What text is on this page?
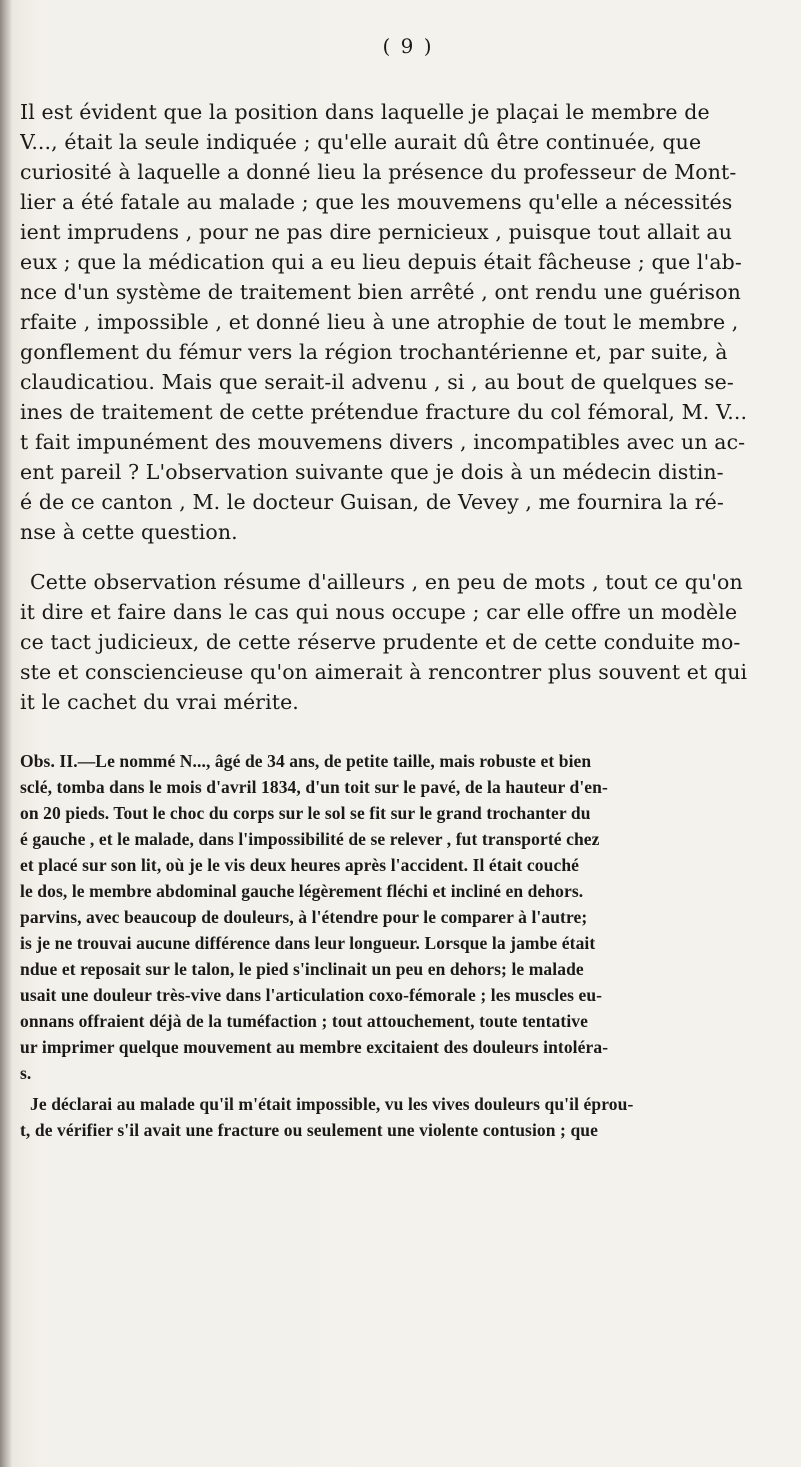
( 9 )
Il est évident que la position dans laquelle je plaçai le membre de
V..., était la seule indiquée ; qu'elle aurait dû être continuée, que
curiosité à laquelle a donné lieu la présence du professeur de Mont-
lier a été fatale au malade ; que les mouvemens qu'elle a nécessités
ient imprudens , pour ne pas dire pernicieux , puisque tout allait au
eux ; que la médication qui a eu lieu depuis était fâcheuse ; que l'ab-
nce d'un système de traitement bien arrêté , ont rendu une guérison
rfaite , impossible , et donné lieu à une atrophie de tout le membre ,
gonflement du fémur vers la région trochantérienne et, par suite, à
claudicatiou. Mais que serait-il advenu , si , au bout de quelques se-
ines de traitement de cette prétendue fracture du col fémoral, M. V...
t fait impunément des mouvemens divers , incompatibles avec un ac-
ent pareil ? L'observation suivante que je dois à un médecin distin-
é de ce canton , M. le docteur Guisan, de Vevey , me fournira la ré-
nse à cette question.
Cette observation résume d'ailleurs , en peu de mots , tout ce qu'on
it dire et faire dans le cas qui nous occupe ; car elle offre un modèle
ce tact judicieux, de cette réserve prudente et de cette conduite mo-
ste et consciencieuse qu'on aimerait à rencontrer plus souvent et qui
it le cachet du vrai mérite.
Obs. II.—Le nommé N..., âgé de 34 ans, de petite taille, mais robuste et bien
sclé, tomba dans le mois d'avril 1834, d'un toit sur le pavé, de la hauteur d'en-
on 20 pieds. Tout le choc du corps sur le sol se fit sur le grand trochanter du
é gauche , et le malade, dans l'impossibilité de se relever , fut transporté chez
et placé sur son lit, où je le vis deux heures après l'accident. Il était couché
le dos, le membre abdominal gauche légèrement fléchi et incliné en dehors.
parvins, avec beaucoup de douleurs, à l'étendre pour le comparer à l'autre;
is je ne trouvai aucune différence dans leur longueur. Lorsque la jambe était
ndue et reposait sur le talon, le pied s'inclinait un peu en dehors; le malade
usait une douleur très-vive dans l'articulation coxo-fémorale ; les muscles eu-
onnans offraient déjà de la tuméfaction ; tout attouchement, toute tentative
ur imprimer quelque mouvement au membre excitaient des douleurs intoléra-
s.
Je déclarai au malade qu'il m'était impossible, vu les vives douleurs qu'il éprou-
t, de vérifier s'il avait une fracture ou seulement une violente contusion ; que
